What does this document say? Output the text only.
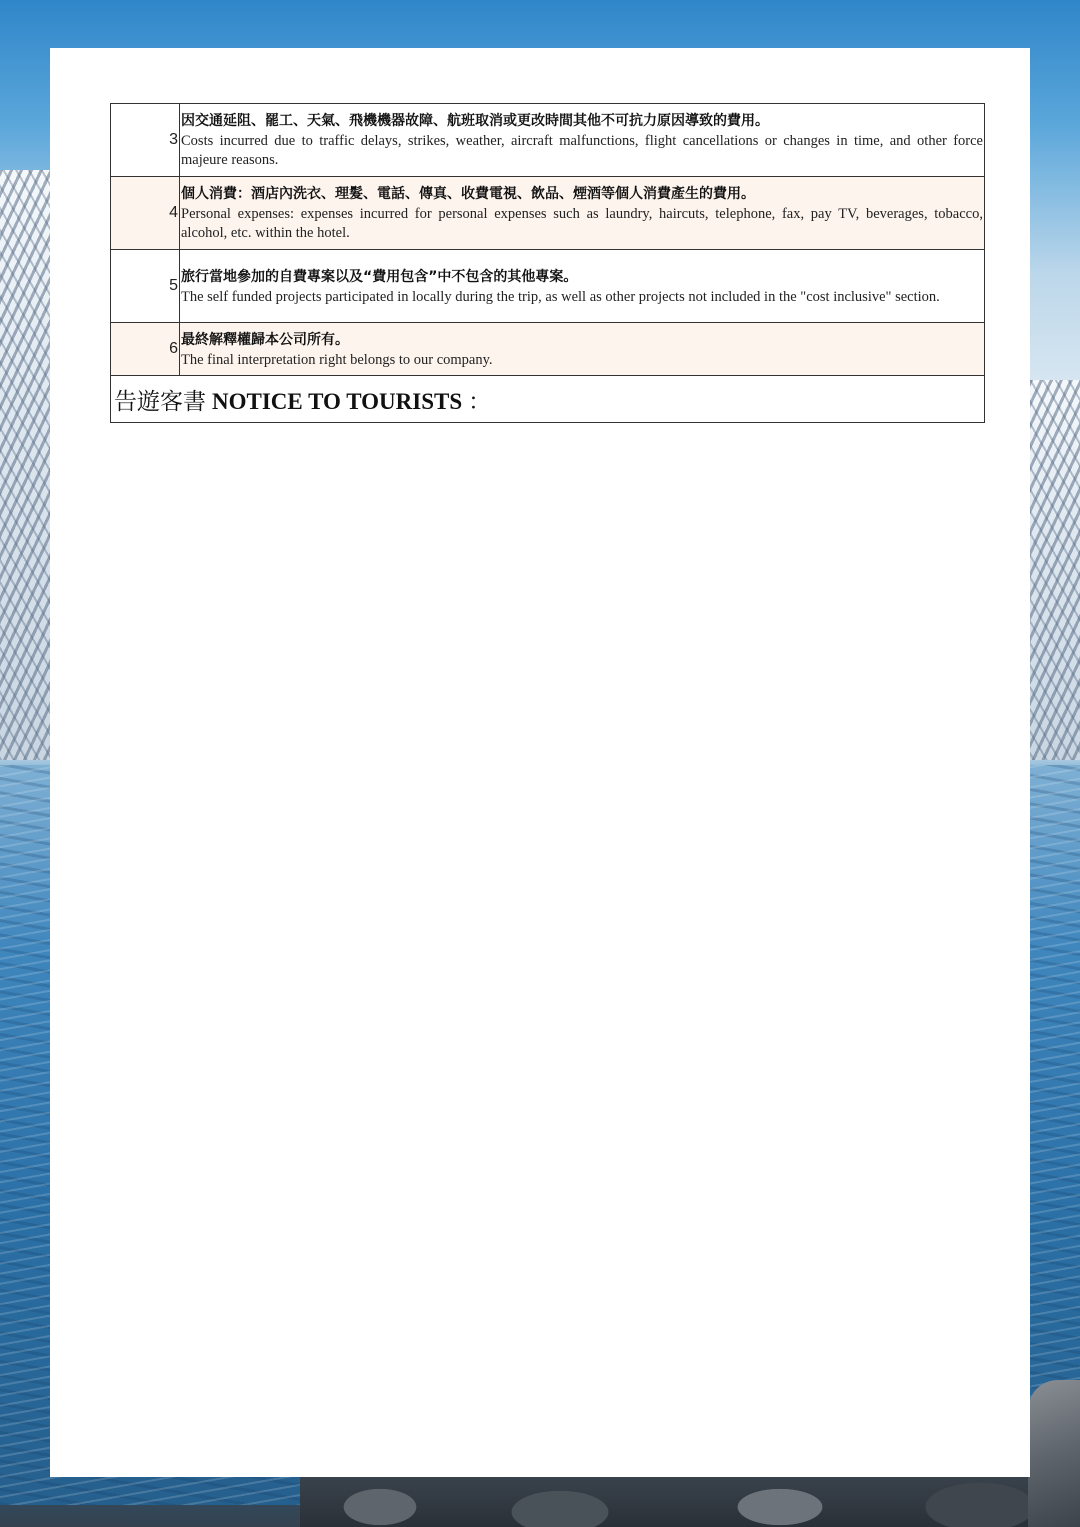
3	因交通延阻、罷工、天氣、飛機機器故障、航班取消或更改時間其他不可抗力原因導致的費用。
Costs incurred due to traffic delays, strikes, weather, aircraft malfunctions, flight cancellations or changes in time, and other force majeure reasons.

4	個人消費：酒店內洗衣、理髮、電話、傳真、收費電視、飲品、煙酒等個人消費產生的費用。
Personal expenses: expenses incurred for personal expenses such as laundry, haircuts, telephone, fax, pay TV, beverages, tobacco, alcohol, etc. within the hotel.

5	旅行當地參加的自費專案以及“費用包含”中不包含的其他專案。
The self funded projects participated in locally during the trip, as well as other projects not included in the "cost inclusive" section.

6	最終解釋權歸本公司所有。
The final interpretation right belongs to our company.

告遊客書 NOTICE TO TOURISTS ：	
